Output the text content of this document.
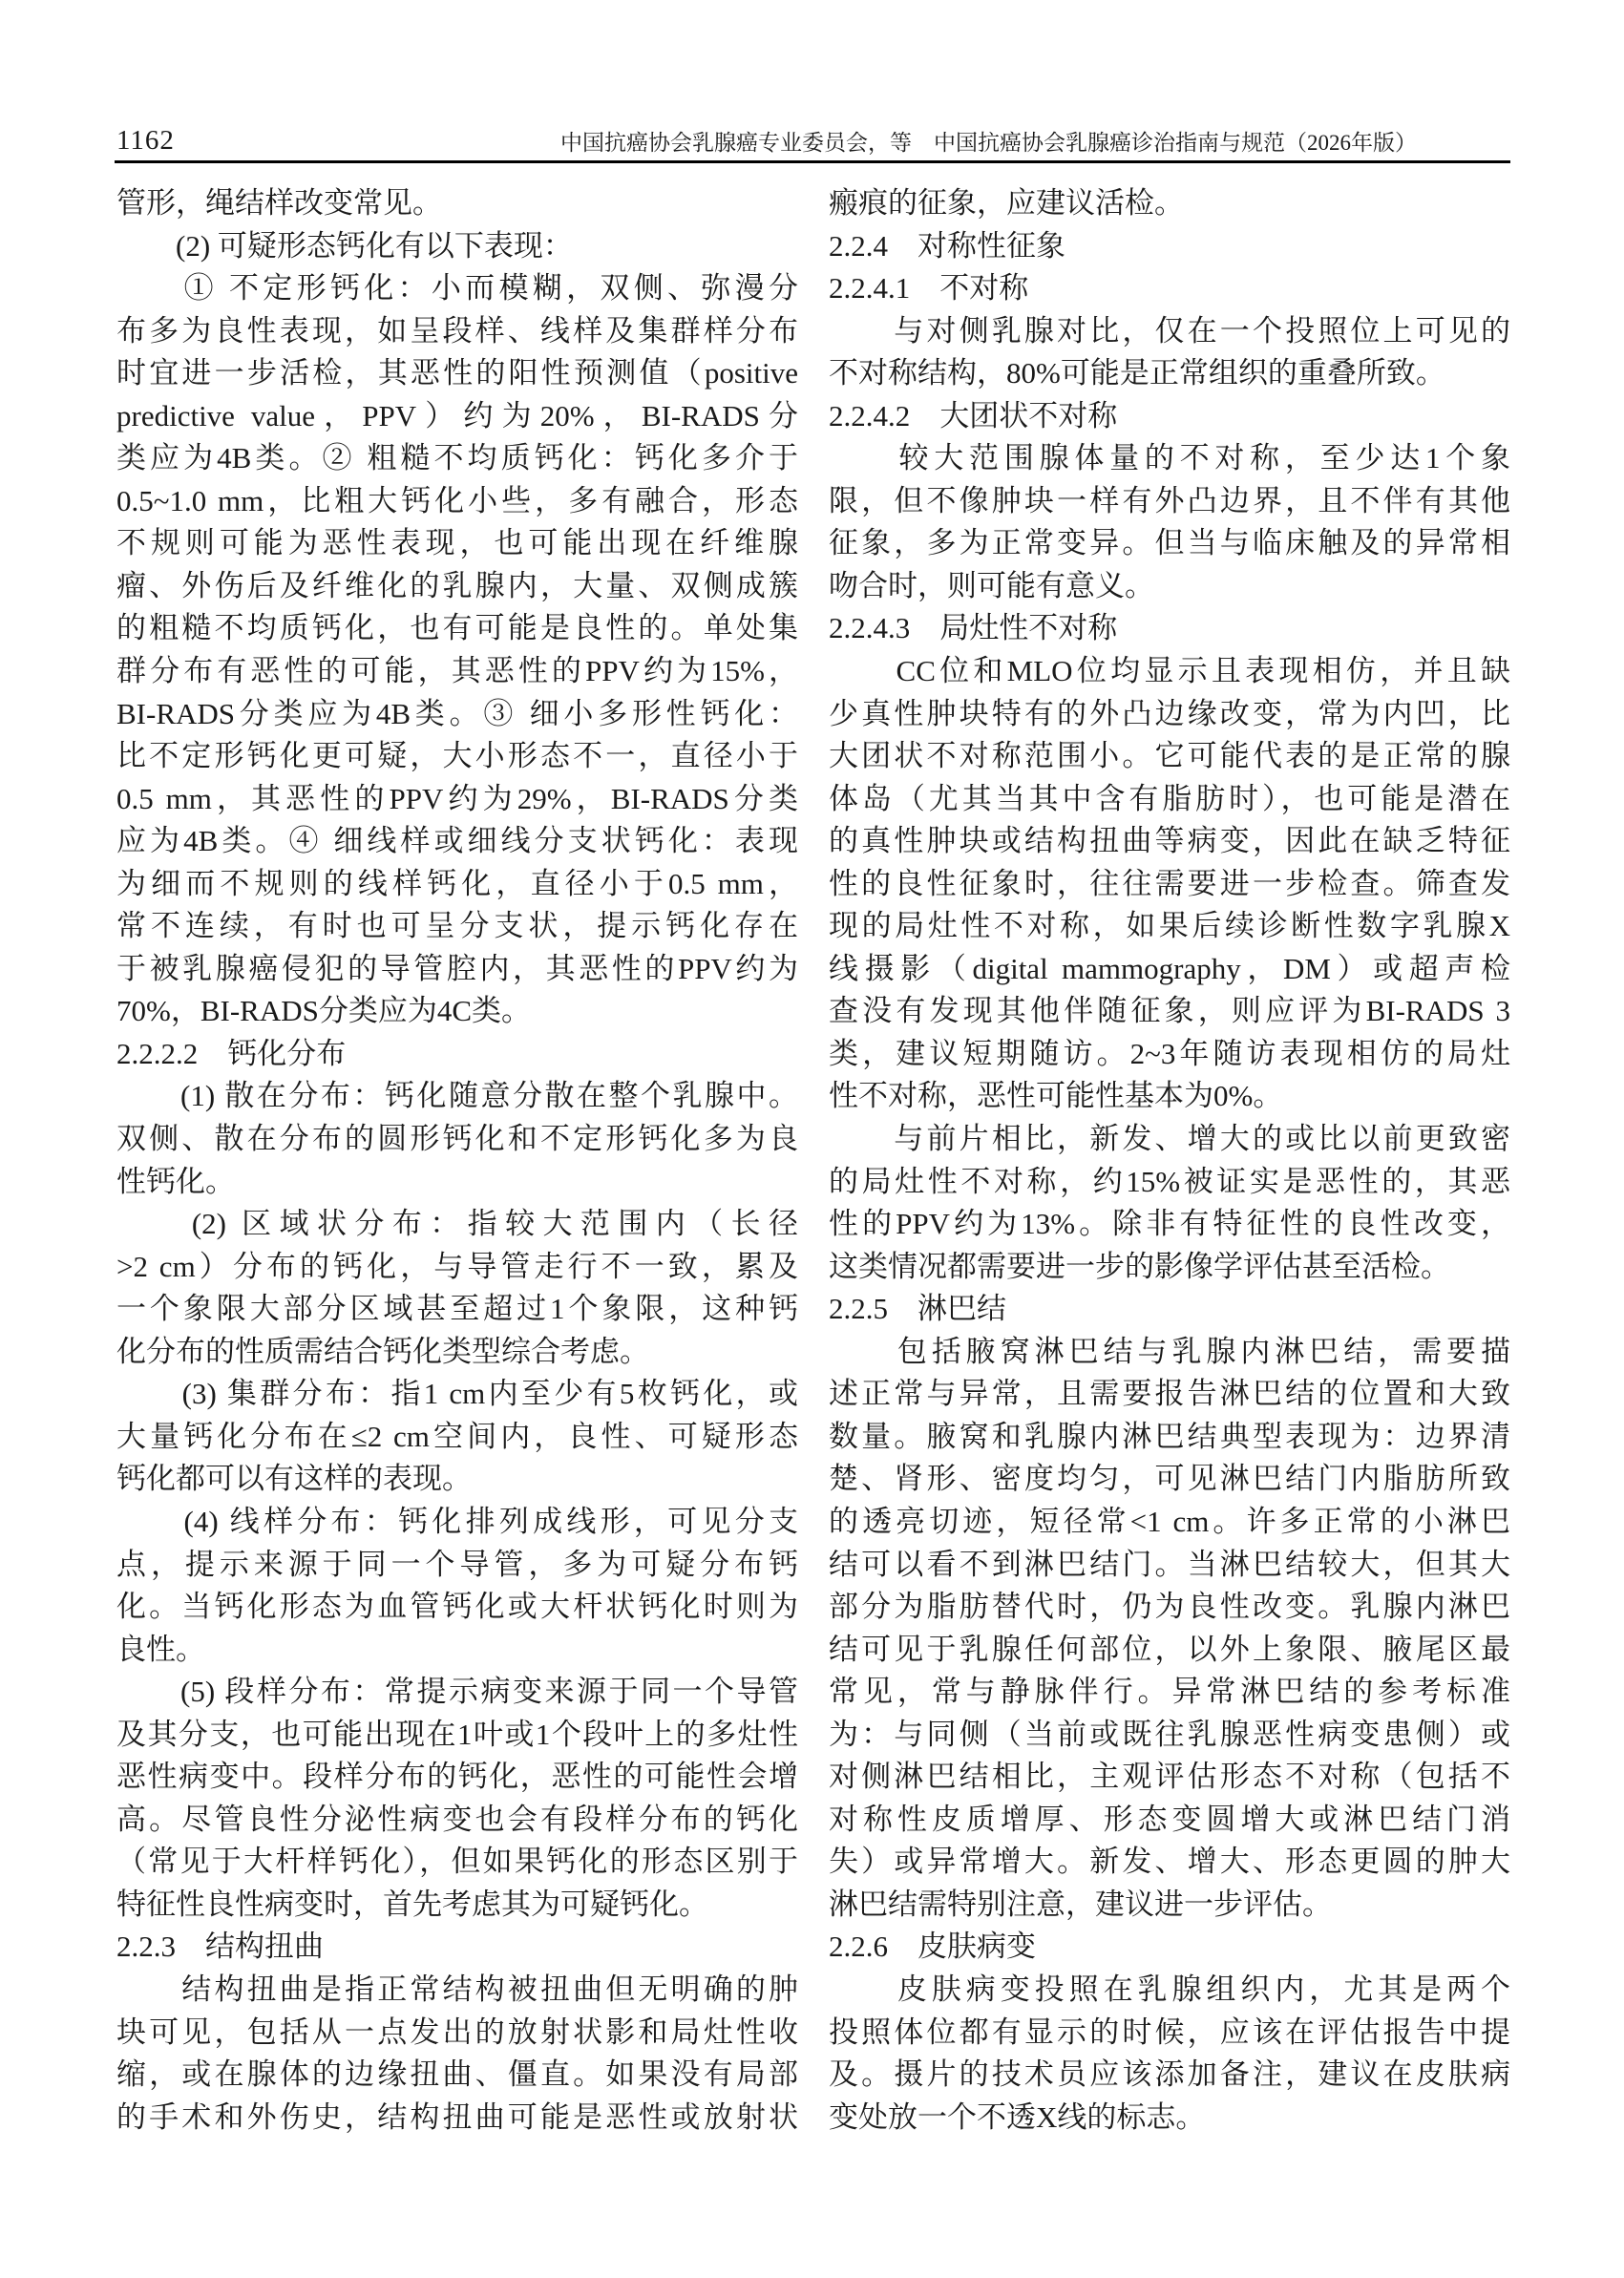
1162	中国抗癌协会乳腺癌专业委员会，等　中国抗癌协会乳腺癌诊治指南与规范（2026年版）
管形，绳结样改变常见。
　　(2) 可疑形态钙化有以下表现：
　　① 不定形钙化：小而模糊，双侧、弥漫分
布多为良性表现，如呈段样、线样及集群样分布
时宜进一步活检，其恶性的阳性预测值（positive
predictive value，PPV）约为20%，BI-RADS分
类应为4B类。② 粗糙不均质钙化：钙化多介于
0.5~1.0 mm，比粗大钙化小些，多有融合，形态
不规则可能为恶性表现，也可能出现在纤维腺
瘤、外伤后及纤维化的乳腺内，大量、双侧成簇
的粗糙不均质钙化，也有可能是良性的。单处集
群分布有恶性的可能，其恶性的PPV约为15%，
BI-RADS分类应为4B类。③ 细小多形性钙化：
比不定形钙化更可疑，大小形态不一，直径小于
0.5 mm，其恶性的PPV约为29%，BI-RADS分类
应为4B类。④ 细线样或细线分支状钙化：表现
为细而不规则的线样钙化，直径小于0.5 mm，
常不连续，有时也可呈分支状，提示钙化存在
于被乳腺癌侵犯的导管腔内，其恶性的PPV约为
70%，BI-RADS分类应为4C类。
2.2.2.2　钙化分布
　　(1) 散在分布：钙化随意分散在整个乳腺中。
双侧、散在分布的圆形钙化和不定形钙化多为良
性钙化。
　　(2) 区域状分布：指较大范围内（长径
>2 cm）分布的钙化，与导管走行不一致，累及
一个象限大部分区域甚至超过1个象限，这种钙
化分布的性质需结合钙化类型综合考虑。
　　(3) 集群分布：指1 cm内至少有5枚钙化，或
大量钙化分布在≤2 cm空间内，良性、可疑形态
钙化都可以有这样的表现。
　　(4) 线样分布：钙化排列成线形，可见分支
点，提示来源于同一个导管，多为可疑分布钙
化。当钙化形态为血管钙化或大杆状钙化时则为
良性。
　　(5) 段样分布：常提示病变来源于同一个导管
及其分支，也可能出现在1叶或1个段叶上的多灶性
恶性病变中。段样分布的钙化，恶性的可能性会增
高。尽管良性分泌性病变也会有段样分布的钙化
（常见于大杆样钙化），但如果钙化的形态区别于
特征性良性病变时，首先考虑其为可疑钙化。
2.2.3　结构扭曲
　　结构扭曲是指正常结构被扭曲但无明确的肿
块可见，包括从一点发出的放射状影和局灶性收
缩，或在腺体的边缘扭曲、僵直。如果没有局部
的手术和外伤史，结构扭曲可能是恶性或放射状
瘢痕的征象，应建议活检。
2.2.4　对称性征象
2.2.4.1　不对称
　　与对侧乳腺对比，仅在一个投照位上可见的
不对称结构，80%可能是正常组织的重叠所致。
2.2.4.2　大团状不对称
　　较大范围腺体量的不对称，至少达1个象
限，但不像肿块一样有外凸边界，且不伴有其他
征象，多为正常变异。但当与临床触及的异常相
吻合时，则可能有意义。
2.2.4.3　局灶性不对称
　　CC位和MLO位均显示且表现相仿，并且缺
少真性肿块特有的外凸边缘改变，常为内凹，比
大团状不对称范围小。它可能代表的是正常的腺
体岛（尤其当其中含有脂肪时），也可能是潜在
的真性肿块或结构扭曲等病变，因此在缺乏特征
性的良性征象时，往往需要进一步检查。筛查发
现的局灶性不对称，如果后续诊断性数字乳腺X
线摄影（digital mammography，DM）或超声检
查没有发现其他伴随征象，则应评为BI-RADS 3
类，建议短期随访。2~3年随访表现相仿的局灶
性不对称，恶性可能性基本为0%。
　　与前片相比，新发、增大的或比以前更致密
的局灶性不对称，约15%被证实是恶性的，其恶
性的PPV约为13%。除非有特征性的良性改变，
这类情况都需要进一步的影像学评估甚至活检。
2.2.5　淋巴结
　　包括腋窝淋巴结与乳腺内淋巴结，需要描
述正常与异常，且需要报告淋巴结的位置和大致
数量。腋窝和乳腺内淋巴结典型表现为：边界清
楚、肾形、密度均匀，可见淋巴结门内脂肪所致
的透亮切迹，短径常<1 cm。许多正常的小淋巴
结可以看不到淋巴结门。当淋巴结较大，但其大
部分为脂肪替代时，仍为良性改变。乳腺内淋巴
结可见于乳腺任何部位，以外上象限、腋尾区最
常见，常与静脉伴行。异常淋巴结的参考标准
为：与同侧（当前或既往乳腺恶性病变患侧）或
对侧淋巴结相比，主观评估形态不对称（包括不
对称性皮质增厚、形态变圆增大或淋巴结门消
失）或异常增大。新发、增大、形态更圆的肿大
淋巴结需特别注意，建议进一步评估。
2.2.6　皮肤病变
　　皮肤病变投照在乳腺组织内，尤其是两个
投照体位都有显示的时候，应该在评估报告中提
及。摄片的技术员应该添加备注，建议在皮肤病
变处放一个不透X线的标志。
